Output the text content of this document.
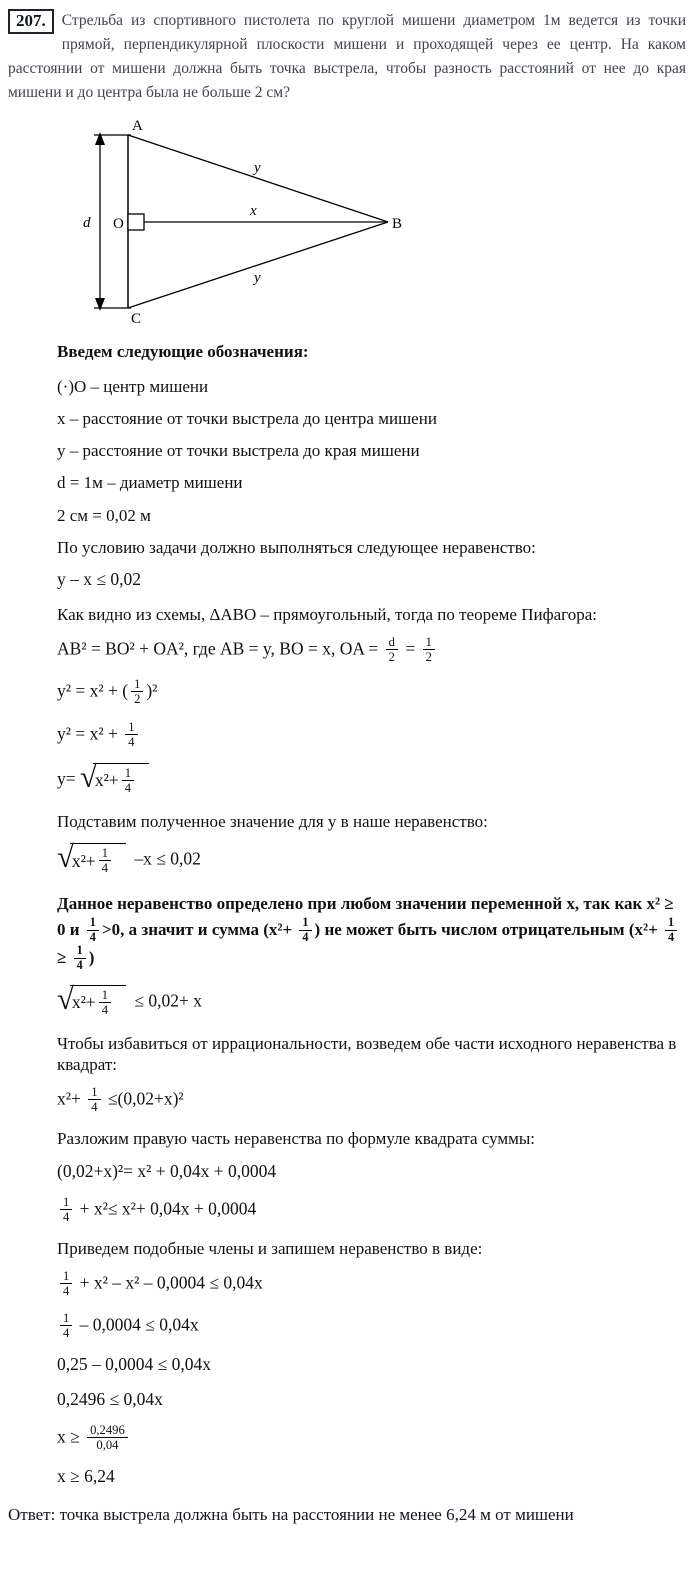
207.	Стрельба из спортивного пистолета по круглой мишени диаметром 1м ведется из точки прямой, перпендикулярной плоскости мишени и проходящей через ее центр. На каком расстоянии от мишени должна быть точка выстрела, чтобы разность расстояний от нее до края мишени и до центра была не больше 2 см?
A
B
C
O
d
x
y
y
Введем следующие обозначения:
(·)O – центр мишени
x – расстояние от точки выстрела до центра мишени
y – расстояние от точки выстрела до края мишени
d = 1м – диаметр мишени
2 см = 0,02 м
По условию задачи должно выполняться следующее неравенство:
y – x ≤ 0,02
Как видно из схемы, ΔАВО – прямоугольный, тогда по теореме Пифагора:
AB² = BO² + OA², где AB = y, BO = x, OA = $\frac{d}{2} = \frac{1}{2}$
y² = x² + ( $\frac{1}{2} )^2$
$y^2 = x^2 + \frac{1}{4}$
y= √
$x^2+ \frac{1}{4}$
Подставим полученное значение для y в наше неравенство:
√
$x^2+ \frac{1}{4} -x \le 0,02$
Данное неравенство определено при любом значении переменной x, так как x² ≥ 0 и $\frac{1}{4} >0$, а значит и сумма ($x^2+ \frac{1}{4}$ ) не может быть числом отрицательным ($x^2+ \frac{1}{4}$
≥ $\frac{1}{4}$ )
√
$x^2+ \frac{1}{4} \le 0,02+ x$
Чтобы избавиться от иррациональности, возведем обе части исходного неравенства в квадрат:
$x^2+ \frac{1}{4} \le(0,02+x)^2$
Разложим правую часть неравенства по формуле квадрата суммы:
(0,02+x)²= x² + 0,04x + 0,0004
$\frac{1}{4} + x^2\le x^2+ 0,04x + 0,0004$
Приведем подобные члены и запишем неравенство в виде:
$\frac{1}{4} + x^2 - x^2 - 0,0004 \le 0,04x$
$\frac{1}{4} - 0,0004 \le 0,04x$
0,25 – 0,0004 ≤ 0,04x
0,2496 ≤ 0,04x
$x \ge \frac{0,2496}{0,04}$
x ≥ 6,24
Ответ: точка выстрела должна быть на расстоянии не менее 6,24 м от мишени
